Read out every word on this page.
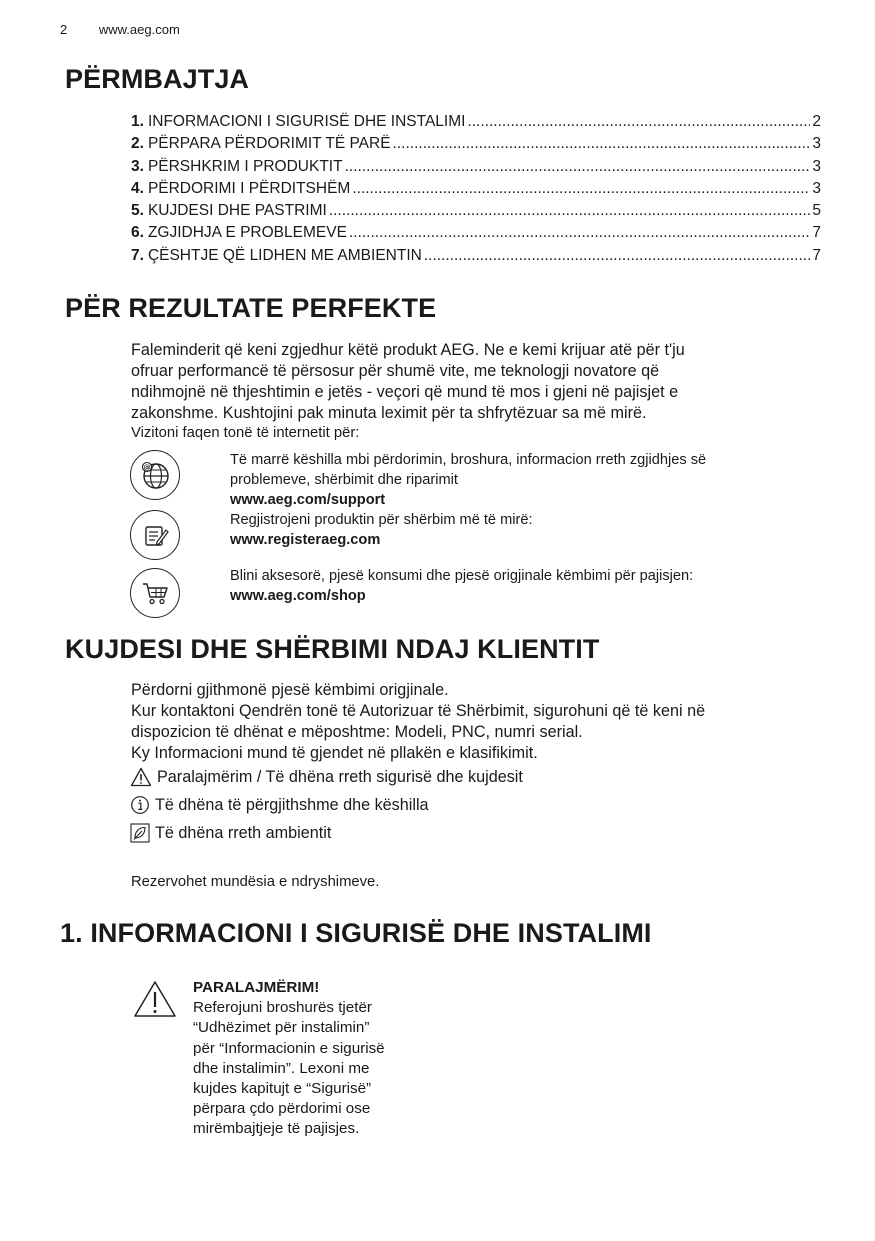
2 www.aeg.com
PËRMBAJTJA
1. INFORMACIONI I SIGURISË DHE INSTALIMI .....	2
2. PËRPARA PËRDORIMIT TË PARË .....	3
3. PËRSHKRIM I PRODUKTIT .....	3
4. PËRDORIMI I PËRDITSHËM .....	3
5. KUJDESI DHE PASTRIMI .....	5
6. ZGJIDHJA E PROBLEMEVE .....	7
7. ÇËSHTJE QË LIDHEN ME AMBIENTIN .....	7
PËR REZULTATE PERFEKTE
Faleminderit që keni zgjedhur këtë produkt AEG. Ne e kemi krijuar atë për t'ju
ofruar performancë të përsosur për shumë vite, me teknologji novatore që
ndihmojnë në thjeshtimin e jetës - veçori që mund të mos i gjeni në pajisjet e
zakonshme. Kushtojini pak minuta leximit për ta shfrytëzuar sa më mirë.
Vizitoni faqen tonë të internetit për:
@	Të marrë këshilla mbi përdorimin, broshura, informacion rreth zgjidhjes së
problemeve, shërbimit dhe riparimit
www.aeg.com/support
Regjistrojeni produktin për shërbim më të mirë:
www.registeraeg.com
Blini aksesorë, pjesë konsumi dhe pjesë origjinale këmbimi për pajisjen:
www.aeg.com/shop
KUJDESI DHE SHËRBIMI NDAJ KLIENTIT
Përdorni gjithmonë pjesë këmbimi origjinale.
Kur kontaktoni Qendrën tonë të Autorizuar të Shërbimit, sigurohuni që të keni në
dispozicion të dhënat e mëposhtme: Modeli, PNC, numri serial.
Ky Informacioni mund të gjendet në pllakën e klasifikimit.
Paralajmërim / Të dhëna rreth sigurisë dhe kujdesit
Të dhëna të përgjithshme dhe këshilla
Të dhëna rreth ambientit
Rezervohet mundësia e ndryshimeve.
1. INFORMACIONI I SIGURISË DHE INSTALIMI
PARALAJMËRIM!
Referojuni broshurës tjetër
“Udhëzimet për instalimin”
për “Informacionin e sigurisë
dhe instalimin”. Lexoni me
kujdes kapitujt e “Sigurisë”
përpara çdo përdorimi ose
mirëmbajtjeje të pajisjes.
